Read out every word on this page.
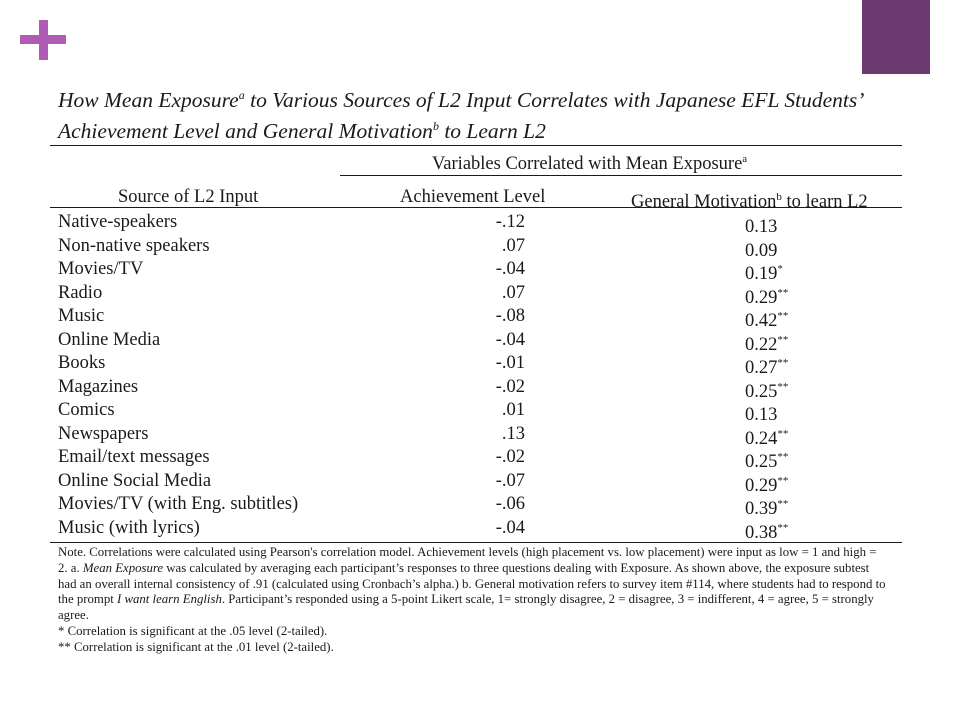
How Mean Exposure$^a$ to Various Sources of L2 Input Correlates with Japanese EFL Students’
Achievement Level and General Motivation$^b$ to Learn L2
Variables Correlated with Mean Exposure$^a$
Source of L2 Input	Achievement Level	General Motivation$^b$ to learn L2
Native-speakers	-.12	0.13
Non-native speakers	.07	0.09
Movies/TV	-.04	0.19*
Radio	.07	0.29**
Music	-.08	0.42**
Online Media	-.04	0.22**
Books	-.01	0.27**
Magazines	-.02	0.25**
Comics	.01	0.13
Newspapers	.13	0.24**
Email/text messages	-.02	0.25**
Online Social Media	-.07	0.29**
Movies/TV (with Eng. subtitles)	-.06	0.39**
Music (with lyrics)	-.04	0.38**

Note. Correlations were calculated using Pearson's correlation model. Achievement levels (high placement vs. low placement) were input as low = 1 and high = 2. a. Mean Exposure was calculated by averaging each participant’s responses to three questions dealing with Exposure. As shown above, the exposure subtest had an overall internal consistency of .91 (calculated using Cronbach’s alpha.) b. General motivation refers to survey item #114, where students had to respond to the prompt I want learn English. Participant’s responded using a 5-point Likert scale, 1= strongly disagree, 2 = disagree, 3 = indifferent, 4 = agree, 5 = strongly agree.

* Correlation is significant at the .05 level (2-tailed).

** Correlation is significant at the .01 level (2-tailed).
